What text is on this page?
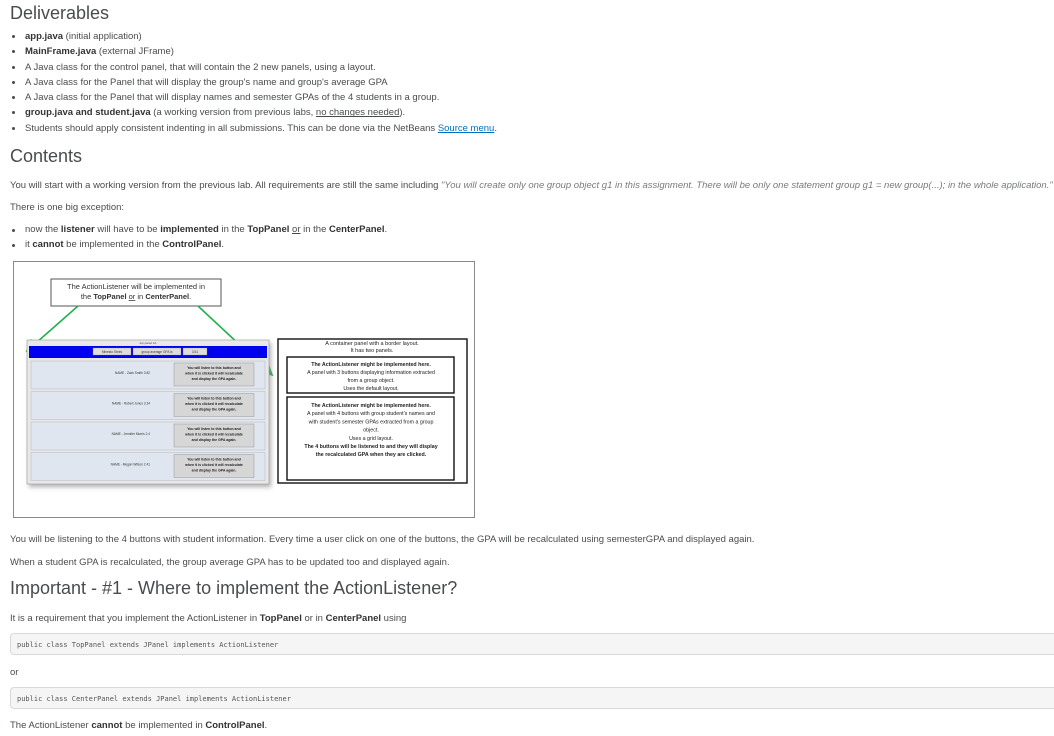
Deliverables
app.java (initial application)
MainFrame.java (external JFrame)
A Java class for the control panel, that will contain the 2 new panels, using a layout.
A Java class for the Panel that will display the group's name and group's average GPA
A Java class for the Panel that will display names and semester GPAs of the 4 students in a group.
group.java and student.java (a working version from previous labs, no changes needed).
Students should apply consistent indenting in all submissions. This can be done via the NetBeans Source menu.
Contents
You will start with a working version from the previous lab. All requirements are still the same including "You will create only one group object g1 in this assignment. There will be only one statement group g1 = new group(...); in the whole application."
There is one big exception:
now the listener will have to be implemented in the TopPanel or in the CenterPanel.
it cannot be implemented in the ControlPanel.
The ActionListener will be implemented in
the TopPanel or in CenterPanel.
top panel 1A
Minesto Stnes	group average GPA is	3.51
NAME - Zack Smith 3.82
You will listen to this button and
when it is clicked it will recalculate
and display the GPA again.
NAME - Robert Jones 3.34
You will listen to this button and
when it is clicked it will recalculate
and display the GPA again.
NAME - Jennifer Morris 2.4
You will listen to this button and
when it is clicked it will recalculate
and display the GPA again.
NAME - Megan Wilson 2.41
You will listen to this button and
when it is clicked it will recalculate
and display the GPA again.
A container panel with a border layout.
It has two panels.
The ActionListener might be implemented here.
A panel with 3 buttons displaying information extracted
from a group object.
Uses the default layout.
The ActionListener might be implemented here.
A panel with 4 buttons with group student's names and
with student's semester GPAs extracted from a group
object.
Uses a grid layout.
The 4 buttons will be listened to and they will display
the recalculated GPA when they are clicked.
You will be listening to the 4 buttons with student information. Every time a user click on one of the buttons, the GPA will be recalculated using semesterGPA and displayed again.
When a student GPA is recalculated, the group average GPA has to be updated too and displayed again.
Important - #1 - Where to implement the ActionListener?
It is a requirement that you implement the ActionListener in TopPanel or in CenterPanel using
public class TopPanel extends JPanel implements ActionListener
or
public class CenterPanel extends JPanel implements ActionListener
The ActionListener cannot be implemented in ControlPanel.
